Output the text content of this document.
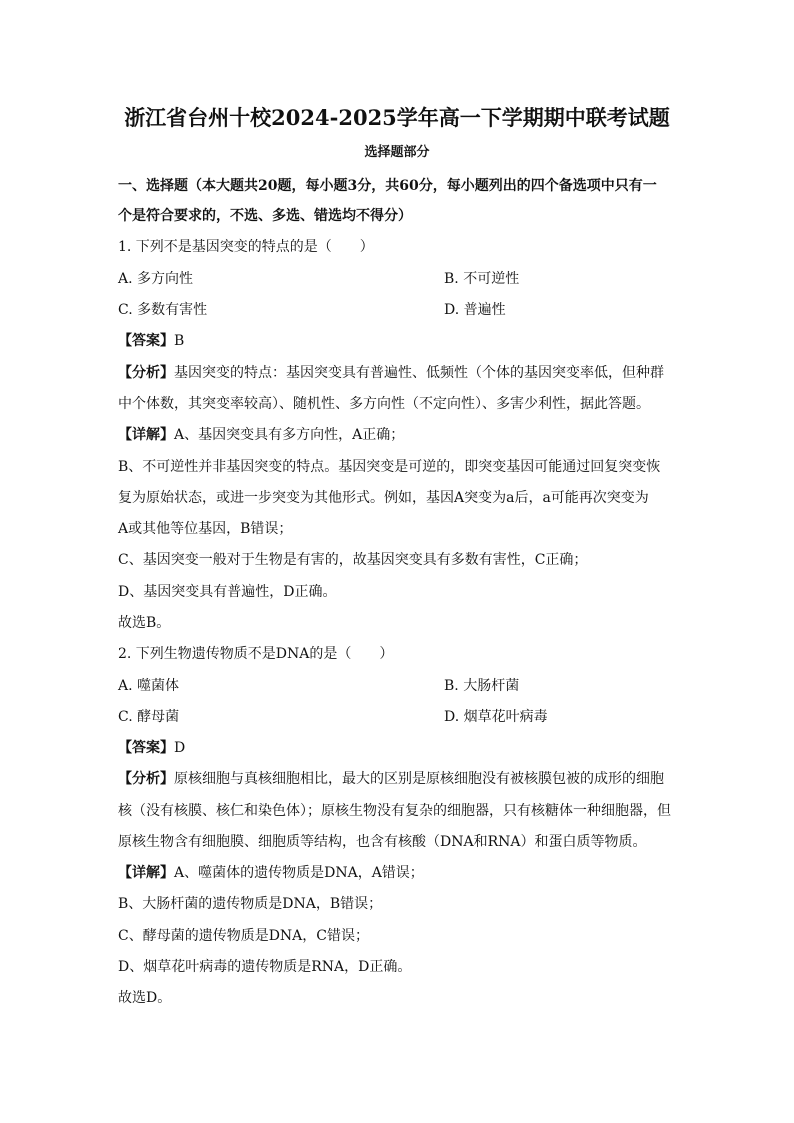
浙江省台州十校2024-2025学年高一下学期期中联考试题
选择题部分
一、选择题（本大题共20题，每小题3分，共60分，每小题列出的四个备选项中只有一
个是符合要求的，不选、多选、错选均不得分）
1. 下列不是基因突变的特点的是（　　）
A. 多方向性	B. 不可逆性
C. 多数有害性	D. 普遍性
【答案】B
【分析】基因突变的特点：基因突变具有普遍性、低频性（个体的基因突变率低，但种群
中个体数，其突变率较高）、随机性、多方向性（不定向性）、多害少利性，据此答题。
【详解】A、基因突变具有多方向性，A正确；
B、不可逆性并非基因突变的特点。基因突变是可逆的，即突变基因可能通过回复突变恢
复为原始状态，或进一步突变为其他形式。例如，基因A突变为a后，a可能再次突变为
A或其他等位基因，B错误；
C、基因突变一般对于生物是有害的，故基因突变具有多数有害性，C正确；
D、基因突变具有普遍性，D正确。
故选B。
2. 下列生物遗传物质不是DNA的是（　　）
A. 噬菌体	B. 大肠杆菌
C. 酵母菌	D. 烟草花叶病毒
【答案】D
【分析】原核细胞与真核细胞相比，最大的区别是原核细胞没有被核膜包被的成形的细胞
核（没有核膜、核仁和染色体）；原核生物没有复杂的细胞器，只有核糖体一种细胞器，但
原核生物含有细胞膜、细胞质等结构，也含有核酸（DNA和RNA）和蛋白质等物质。
【详解】A、噬菌体的遗传物质是DNA，A错误；
B、大肠杆菌的遗传物质是DNA，B错误；
C、酵母菌的遗传物质是DNA，C错误；
D、烟草花叶病毒的遗传物质是RNA，D正确。
故选D。
